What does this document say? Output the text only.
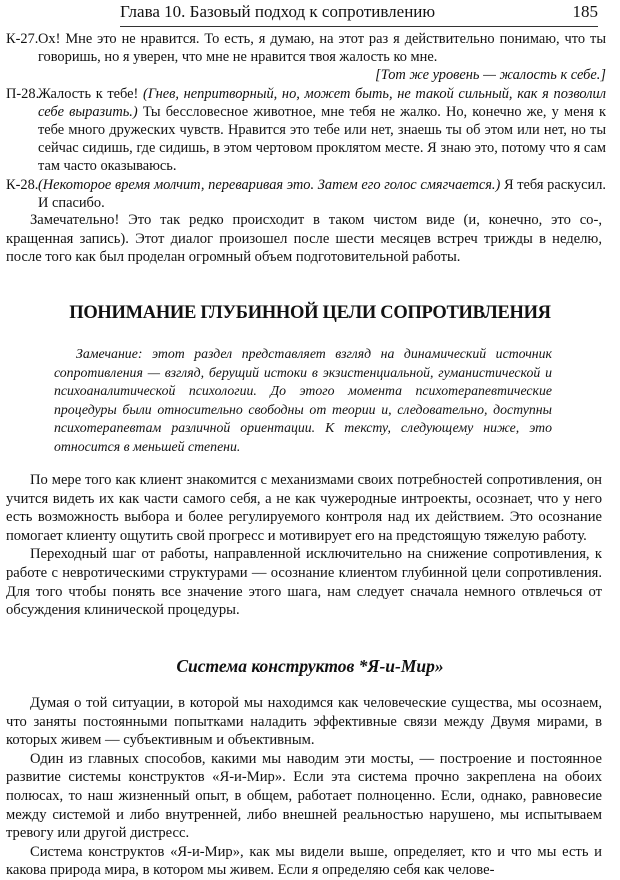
Глава 10. Базовый подход к сопротивлению	185

К-27. Ох! Мне это не нравится. То есть, я думаю, на этот раз я действительно понимаю, что ты говоришь, но я уверен, что мне не нравится твоя жалость ко мне.
[Тот же уровень — жалость к себе.]

П-28.
Жалость к тебе! (Гнев, непритворный, но, может быть, не такой сильный, как я позволил себе выразить.) Ты бессловесное животное, мне тебя не жалко. Но, конечно же, у меня к тебе много дружеских чувств. Нравится это тебе или нет, знаешь ты об этом или нет, но ты сейчас сидишь, где сидишь, в этом чертовом проклятом месте. Я знаю это, потому что я сам там часто оказываюсь.

К-28. (Некоторое время молчит, переваривая это. Затем его голос смягчается.) Я тебя раскусил. И спасибо.

Замечательно! Это так редко происходит в таком чистом виде (и, конечно, это со-, кращенная запись). Этот диалог произошел после шести месяцев встреч трижды в неделю, после того как был проделан огромный объем подготовительной работы.

ПОНИМАНИЕ ГЛУБИННОЙ ЦЕЛИ СОПРОТИВЛЕНИЯ

Замечание: этот раздел представляет взгляд на динамический источник сопротивления — взгляд, берущий истоки в экзистенциальной, гуманистической и психоаналитической психологии. До этого момента психотерапевтические процедуры были относительно свободны от теории и, следовательно, доступны психотерапевтам различной ориентации. К тексту, следующему ниже, это относится в меньшей степени.

По мере того как клиент знакомится с механизмами своих потребностей сопротивления, он учится видеть их как части самого себя, а не как чужеродные интроекты, осознает, что у него есть возможность выбора и более регулируемого контроля над их действием. Это осознание помогает клиенту ощутить свой прогресс и мотивирует его на предстоящую тяжелую работу.

Переходный шаг от работы, направленной исключительно на снижение сопротивления, к работе с невротическими структурами — осознание клиентом глубинной цели сопротивления. Для того чтобы понять все значение этого шага, нам следует сначала немного отвлечься от обсуждения клинической процедуры.

Система конструктов *Я-и-Мир»

Думая о той ситуации, в которой мы находимся как человеческие существа, мы осознаем, что заняты постоянными попытками наладить эффективные связи между Двумя мирами, в которых живем — субъективным и объективным.

Один из главных способов, какими мы наводим эти мосты, — построение и постоянное развитие системы конструктов «Я-и-Мир». Если эта система прочно закреплена на обоих полюсах, то наш жизненный опыт, в общем, работает полноценно. Если, однако, равновесие между системой и либо внутренней, либо внешней реальностью нарушено, мы испытываем тревогу или другой дистресс.

Система конструктов «Я-и-Мир», как мы видели выше, определяет, кто и что мы есть и какова природа мира, в котором мы живем. Если я определяю себя как челове-
